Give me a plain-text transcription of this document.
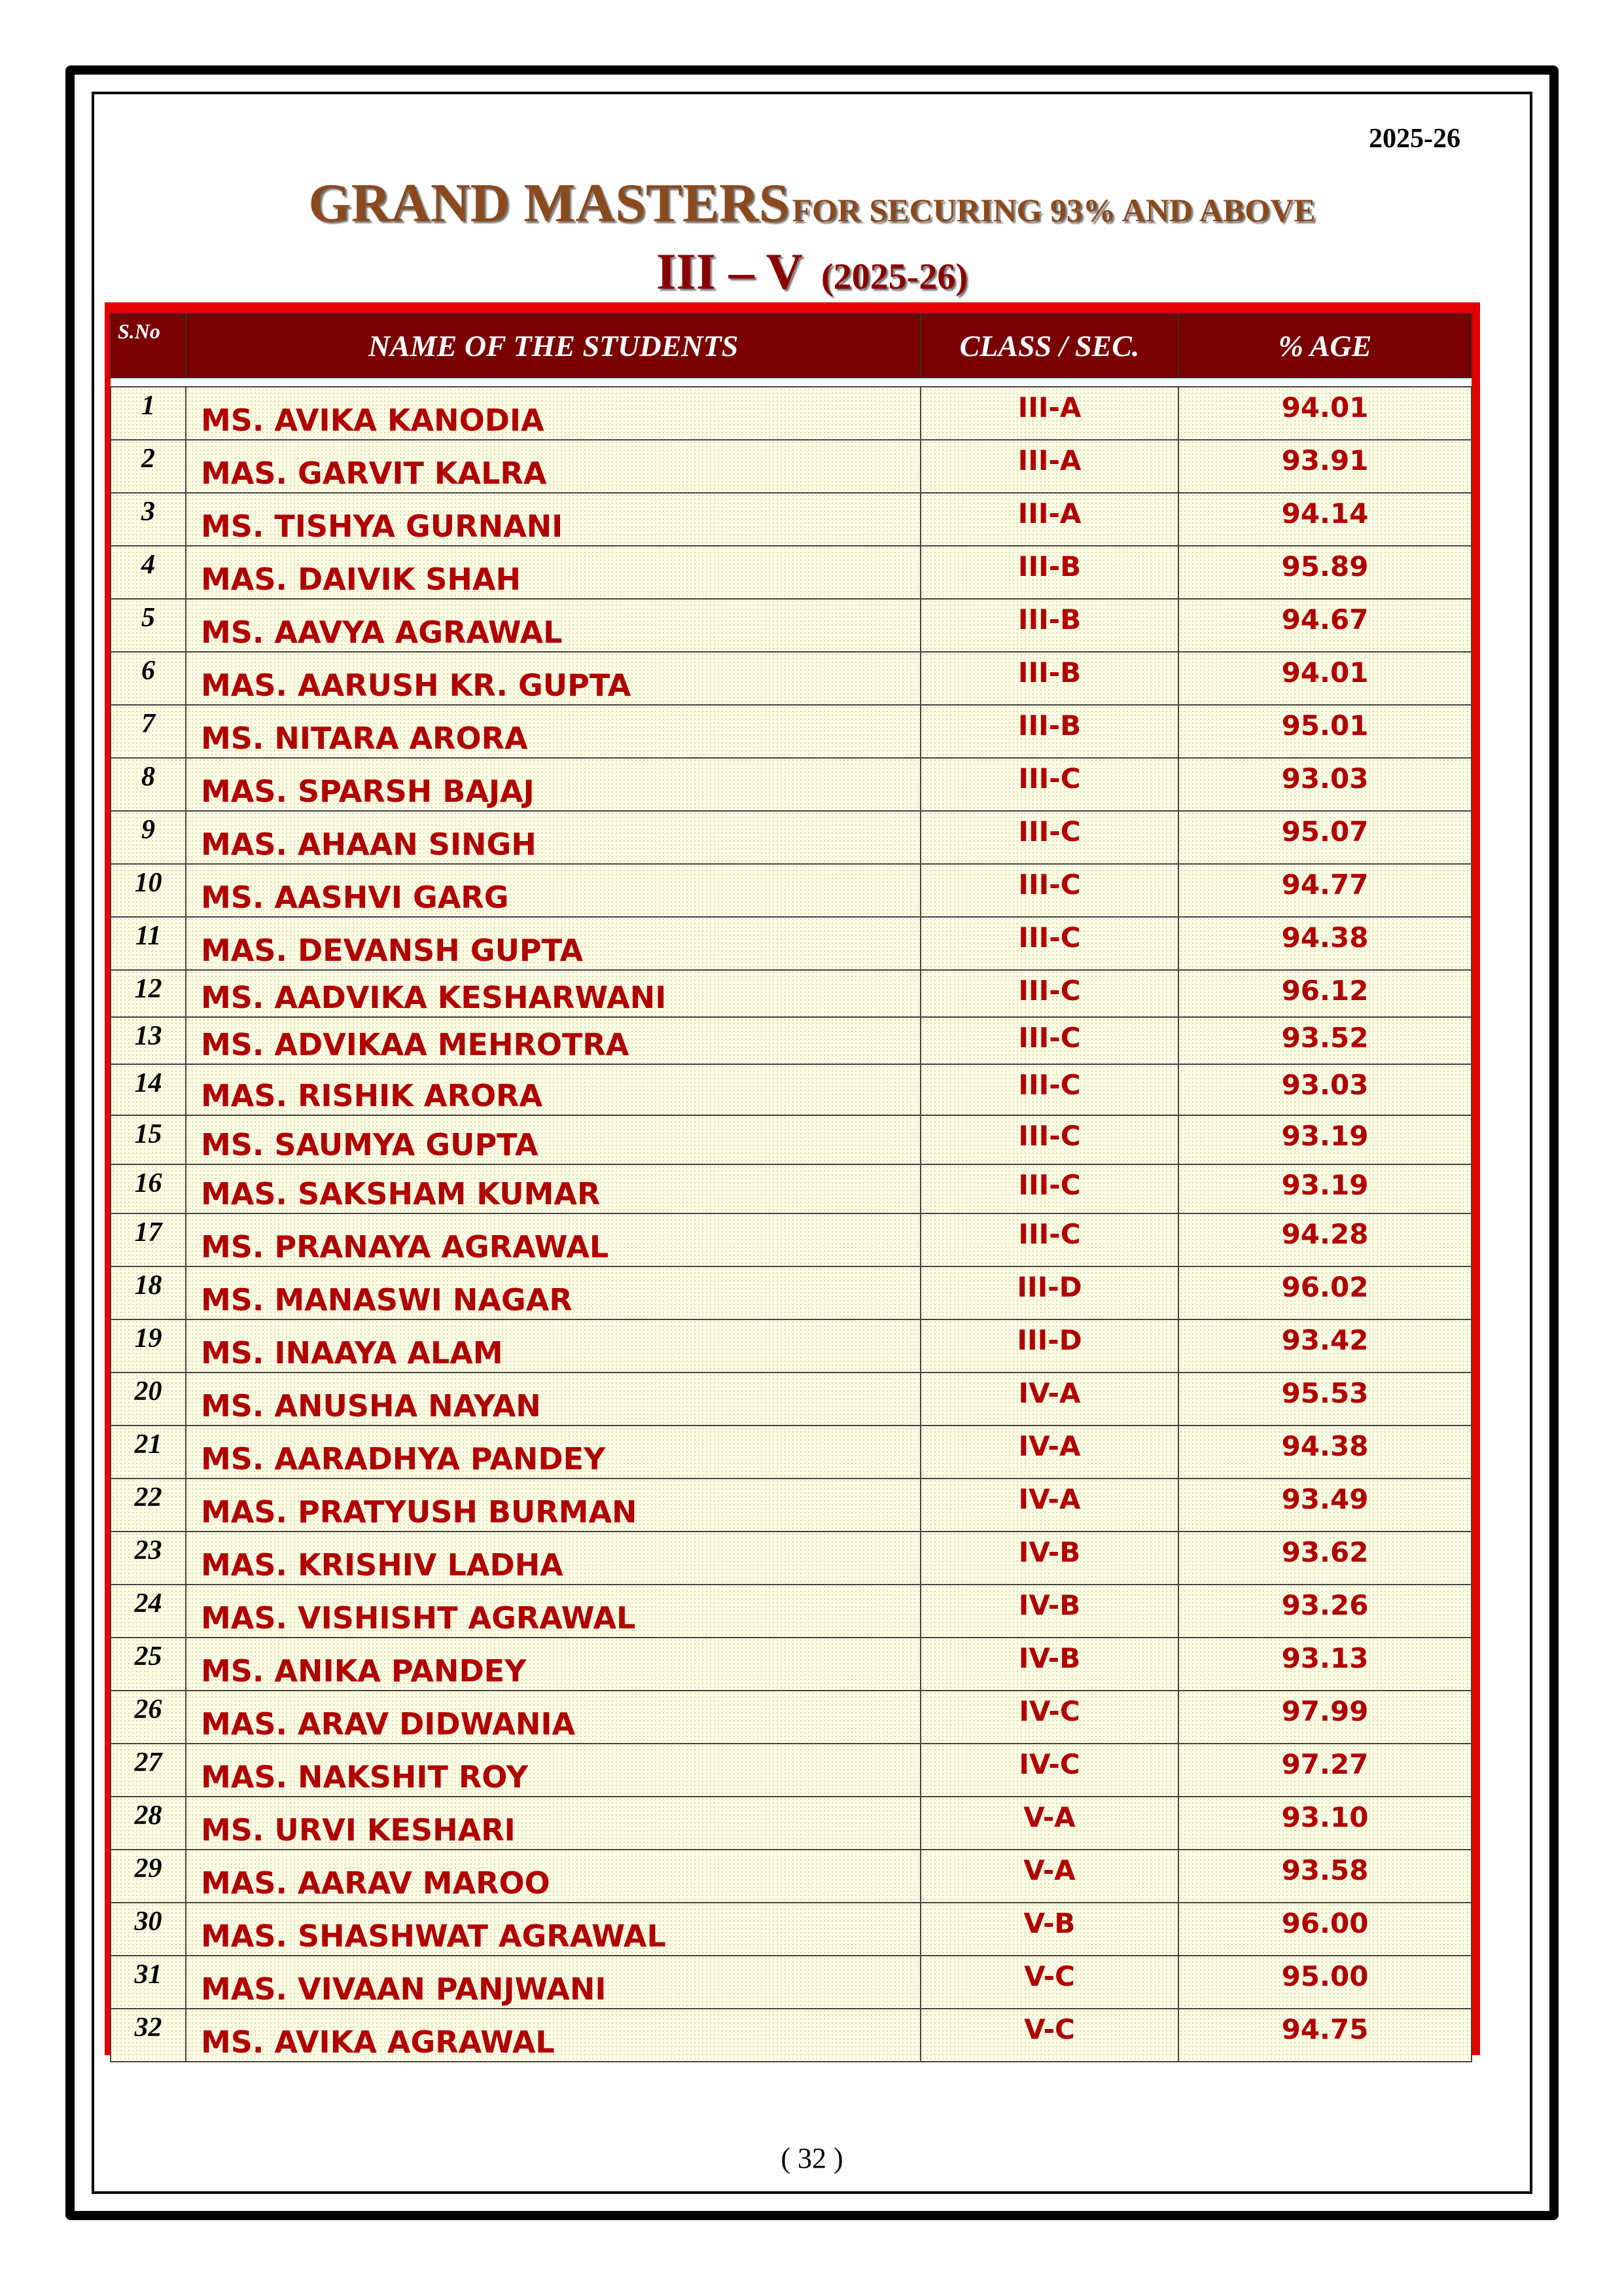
2025-26
GRAND MASTERS FOR SECURING 93% AND ABOVE
III – V (2025-26)
S.No	NAME OF THE STUDENTS	CLASS / SEC.	% AGE

1	MS. AVIKA KANODIA	III-A	94.01
2	MAS. GARVIT KALRA	III-A	93.91
3	MS. TISHYA GURNANI	III-A	94.14
4	MAS. DAIVIK SHAH	III-B	95.89
5	MS. AAVYA AGRAWAL	III-B	94.67
6	MAS. AARUSH KR. GUPTA	III-B	94.01
7	MS. NITARA ARORA	III-B	95.01
8	MAS. SPARSH BAJAJ	III-C	93.03
9	MAS. AHAAN SINGH	III-C	95.07
10	MS. AASHVI GARG	III-C	94.77
11	MAS. DEVANSH GUPTA	III-C	94.38
12	MS. AADVIKA KESHARWANI	III-C	96.12
13	MS. ADVIKAA MEHROTRA	III-C	93.52
14	MAS. RISHIK ARORA	III-C	93.03
15	MS. SAUMYA GUPTA	III-C	93.19
16	MAS. SAKSHAM KUMAR	III-C	93.19
17	MS. PRANAYA AGRAWAL	III-C	94.28
18	MS. MANASWI NAGAR	III-D	96.02
19	MS. INAAYA ALAM	III-D	93.42
20	MS. ANUSHA NAYAN	IV-A	95.53
21	MS. AARADHYA PANDEY	IV-A	94.38
22	MAS. PRATYUSH BURMAN	IV-A	93.49
23	MAS. KRISHIV LADHA	IV-B	93.62
24	MAS. VISHISHT AGRAWAL	IV-B	93.26
25	MS. ANIKA PANDEY	IV-B	93.13
26	MAS. ARAV DIDWANIA	IV-C	97.99
27	MAS. NAKSHIT ROY	IV-C	97.27
28	MS. URVI KESHARI	V-A	93.10
29	MAS. AARAV MAROO	V-A	93.58
30	MAS. SHASHWAT AGRAWAL	V-B	96.00
31	MAS. VIVAAN PANJWANI	V-C	95.00
32	MS. AVIKA AGRAWAL	V-C	94.75
( 32 )
